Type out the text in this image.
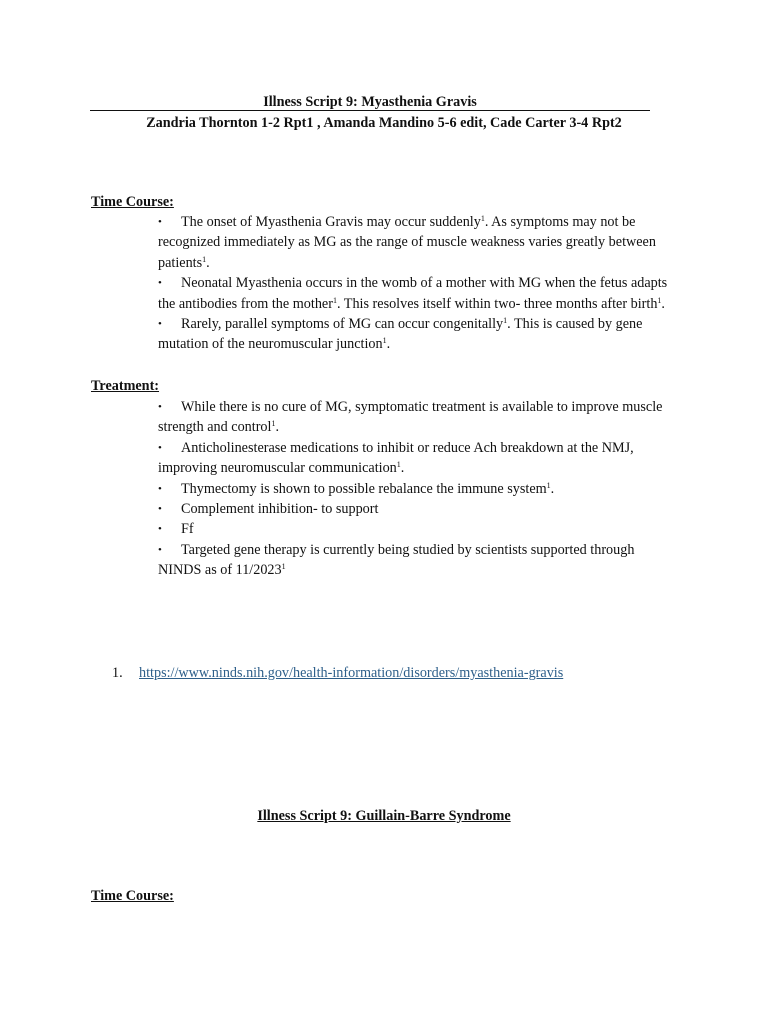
Illness Script 9: Myasthenia Gravis
Zandria Thornton 1-2 Rpt1 , Amanda Mandino 5-6 edit, Cade Carter 3-4 Rpt2
Time Course:
• The onset of Myasthenia Gravis may occur suddenly$^1$. As symptoms may not be recognized immediately as MG as the range of muscle weakness varies greatly between patients$^1$.
• Neonatal Myasthenia occurs in the womb of a mother with MG when the fetus adapts the antibodies from the mother$^1$. This resolves itself within two- three months after birth$^1$.
• Rarely, parallel symptoms of MG can occur congenitally$^1$. This is caused by gene mutation of the neuromuscular junction$^1$.
Treatment:
• While there is no cure of MG, symptomatic treatment is available to improve muscle strength and control$^1$.
• Anticholinesterase medications to inhibit or reduce Ach breakdown at the NMJ, improving neuromuscular communication$^1$.
• Thymectomy is shown to possible rebalance the immune system$^1$.
• Complement inhibition- to support
• Ff
• Targeted gene therapy is currently being studied by scientists supported through NINDS as of 11/2023$^1$
1. https://www.ninds.nih.gov/health-information/disorders/myasthenia-gravis
Illness Script 9: Guillain-Barre Syndrome
Time Course:
